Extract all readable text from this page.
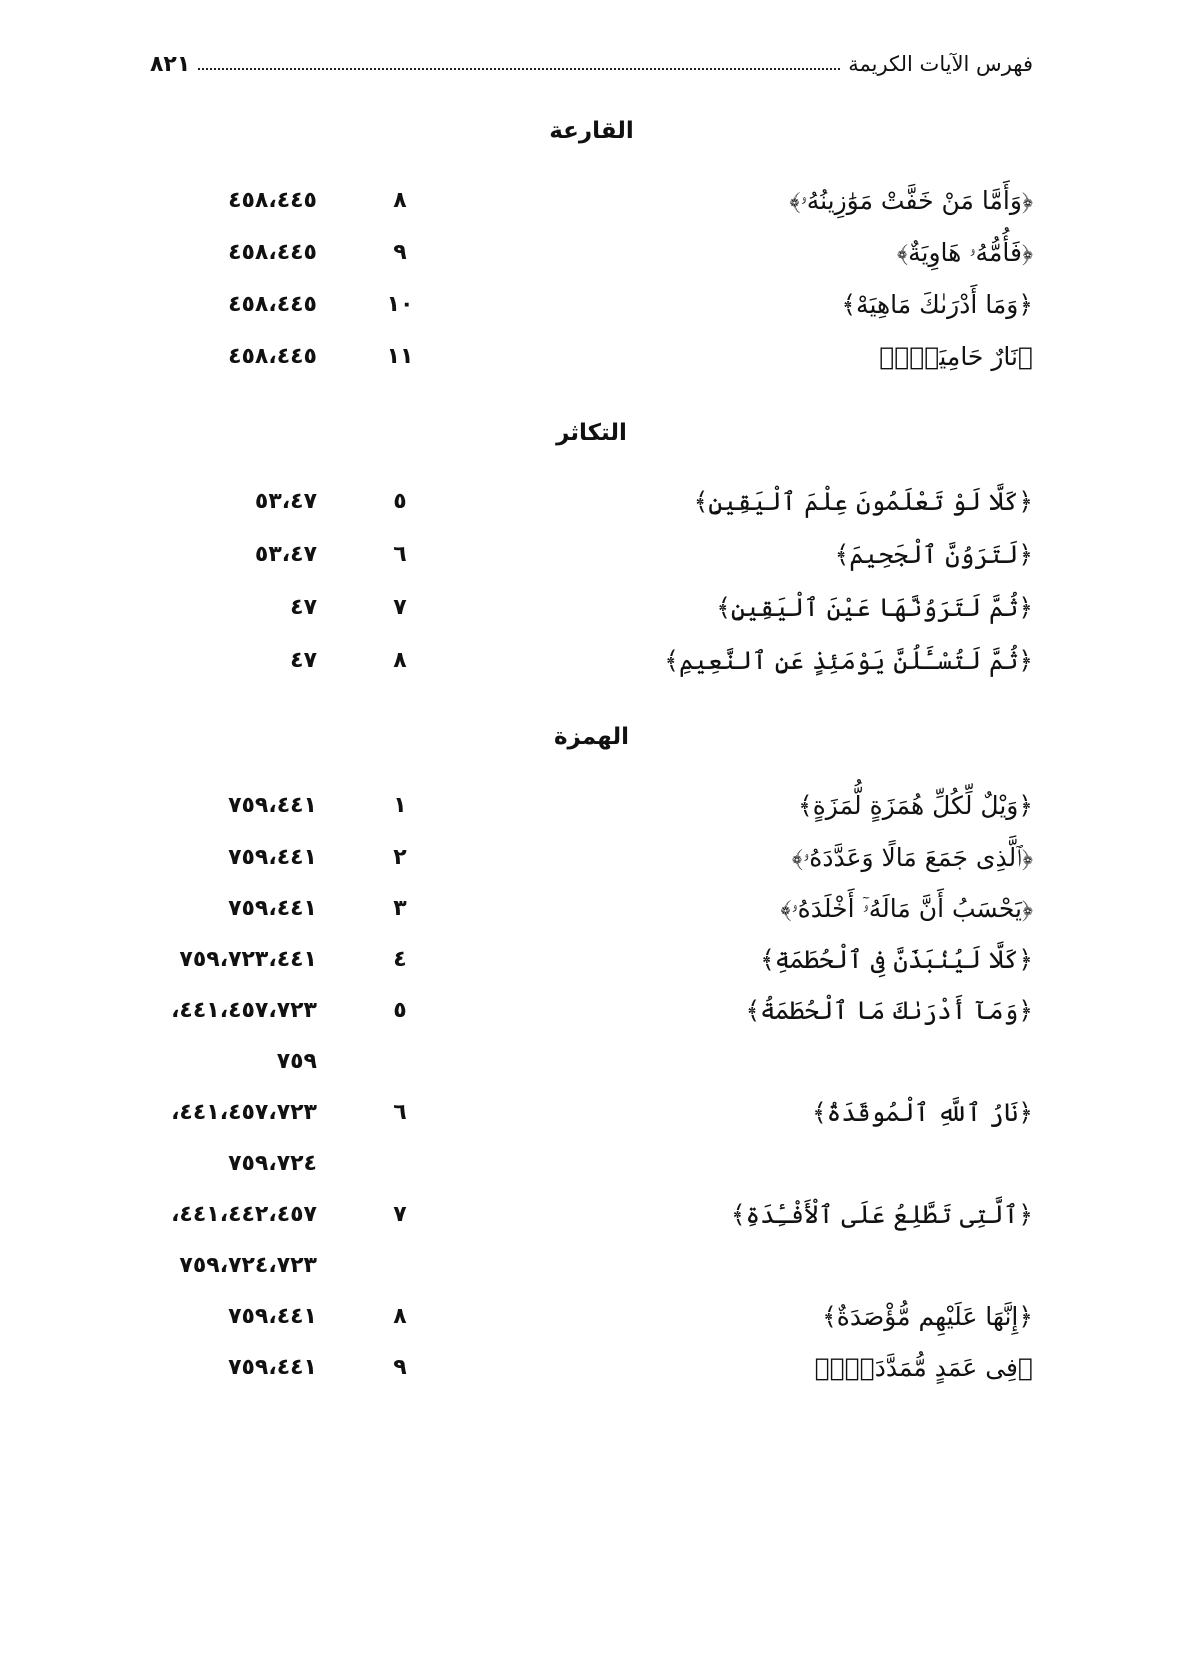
فهرس الآيات الكريمة
٨٢١
القارعة
﴿وَأَمَّا مَنْ خَفَّتْ مَوَٰزِينُهُۥ﴾
٨
٤٥٨،٤٤٥
﴿فَأُمُّهُۥ هَاوِيَةٌ﴾
٩
٤٥٨،٤٤٥
﴿وَمَا أَدْرَىٰكَ مَاهِيَهْ﴾
١٠
٤٥٨،٤٤٥
﴿نَارٌ حَامِيَةٌۢ﴾
١١
٤٥٨،٤٤٥
التكاثر
﴿كَلَّا لَوْ تَعْلَمُونَ عِلْمَ ٱلْيَقِينِ﴾
٥
٥٣،٤٧
﴿لَتَرَوُنَّ ٱلْجَحِيمَ﴾
٦
٥٣،٤٧
﴿ثُمَّ لَتَرَوُنَّهَا عَيْنَ ٱلْيَقِينِ﴾
٧
٤٧
﴿ثُمَّ لَتُسْـَٔلُنَّ يَوْمَئِذٍ عَنِ ٱلنَّعِيمِ﴾
٨
٤٧
الهمزة
﴿وَيْلٌ لِّكُلِّ هُمَزَةٍ لُّمَزَةٍ﴾
١
٧٥٩،٤٤١
﴿ٱلَّذِى جَمَعَ مَالًا وَعَدَّدَهُۥ﴾
٢
٧٥٩،٤٤١
﴿يَحْسَبُ أَنَّ مَالَهُۥٓ أَخْلَدَهُۥ﴾
٣
٧٥٩،٤٤١
﴿كَلَّا لَيُنۢبَذَنَّ فِى ٱلْحُطَمَةِ﴾
٤
٧٥٩،٧٢٣،٤٤١
﴿وَمَآ أَدْرَىٰكَ مَا ٱلْحُطَمَةُ﴾
٥
٤٤١،٤٥٧،٧٢٣،
٧٥٩
﴿نَارُ ٱللَّهِ ٱلْمُوقَدَةُ﴾
٦
٤٤١،٤٥٧،٧٢٣،
٧٥٩،٧٢٤
﴿ٱلَّتِى تَطَّلِعُ عَلَى ٱلْأَفْـِٔدَةِ﴾
٧
٤٤١،٤٤٢،٤٥٧،
٧٥٩،٧٢٤،٧٢٣
﴿إِنَّهَا عَلَيْهِم مُّؤْصَدَةٌ﴾
٨
٧٥٩،٤٤١
﴿فِى عَمَدٍ مُّمَدَّدَةٍۭ﴾
٩
٧٥٩،٤٤١
